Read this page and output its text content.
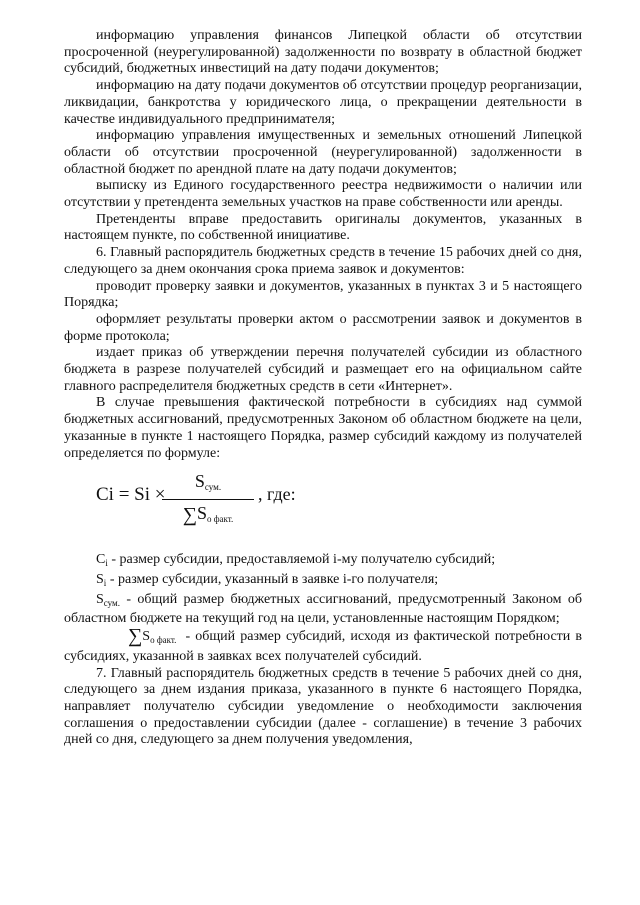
информацию управления финансов Липецкой области об отсутствии просроченной (неурегулированной) задолженности по возврату в областной бюджет субсидий, бюджетных инвестиций на дату подачи документов;

информацию на дату подачи документов об отсутствии процедур реорганизации, ликвидации, банкротства у юридического лица, о прекращении деятельности в качестве индивидуального предпринимателя;

информацию управления имущественных и земельных отношений Липецкой области об отсутствии просроченной (неурегулированной) задолженности в областной бюджет по арендной плате на дату подачи документов;

выписку из Единого государственного реестра недвижимости о наличии или отсутствии у претендента земельных участков на праве собственности или аренды.

Претенденты вправе предоставить оригиналы документов, указанных в настоящем пункте, по собственной инициативе.

6. Главный распорядитель бюджетных средств в течение 15 рабочих дней со дня, следующего за днем окончания срока приема заявок и документов:

проводит проверку заявки и документов, указанных в пунктах 3 и 5 настоящего Порядка;

оформляет результаты проверки актом о рассмотрении заявок и документов в форме протокола;

издает приказ об утверждении перечня получателей субсидии из областного бюджета в разрезе получателей субсидий и размещает его на официальном сайте главного распределителя бюджетных средств в сети «Интернет».

В случае превышения фактической потребности в субсидиях над суммой бюджетных ассигнований, предусмотренных Законом об областном бюджете на цели, указанные в пункте 1 настоящего Порядка, размер субсидий каждому из получателей определяется по формуле:

Ci = Si ×
$S_{сум.}$
$\sum S_{о факт.}$
, где:

$C_i$ - размер субсидии, предоставляемой i-му получателю субсидий;

$S_i$ - размер субсидии, указанный в заявке i-го получателя;

$S_{сум.}$ - общий размер бюджетных ассигнований, предусмотренный Законом об областном бюджете на текущий год на цели, установленные настоящим Порядком;

$\sum S_{о факт.}$ - общий размер субсидий, исходя из фактической потребности в субсидиях, указанной в заявках всех получателей субсидий.

7. Главный распорядитель бюджетных средств в течение 5 рабочих дней со дня, следующего за днем издания приказа, указанного в пункте 6 настоящего Порядка, направляет получателю субсидии уведомление о необходимости заключения соглашения о предоставлении субсидии (далее - соглашение) в течение 3 рабочих дней со дня, следующего за днем получения уведомления,
